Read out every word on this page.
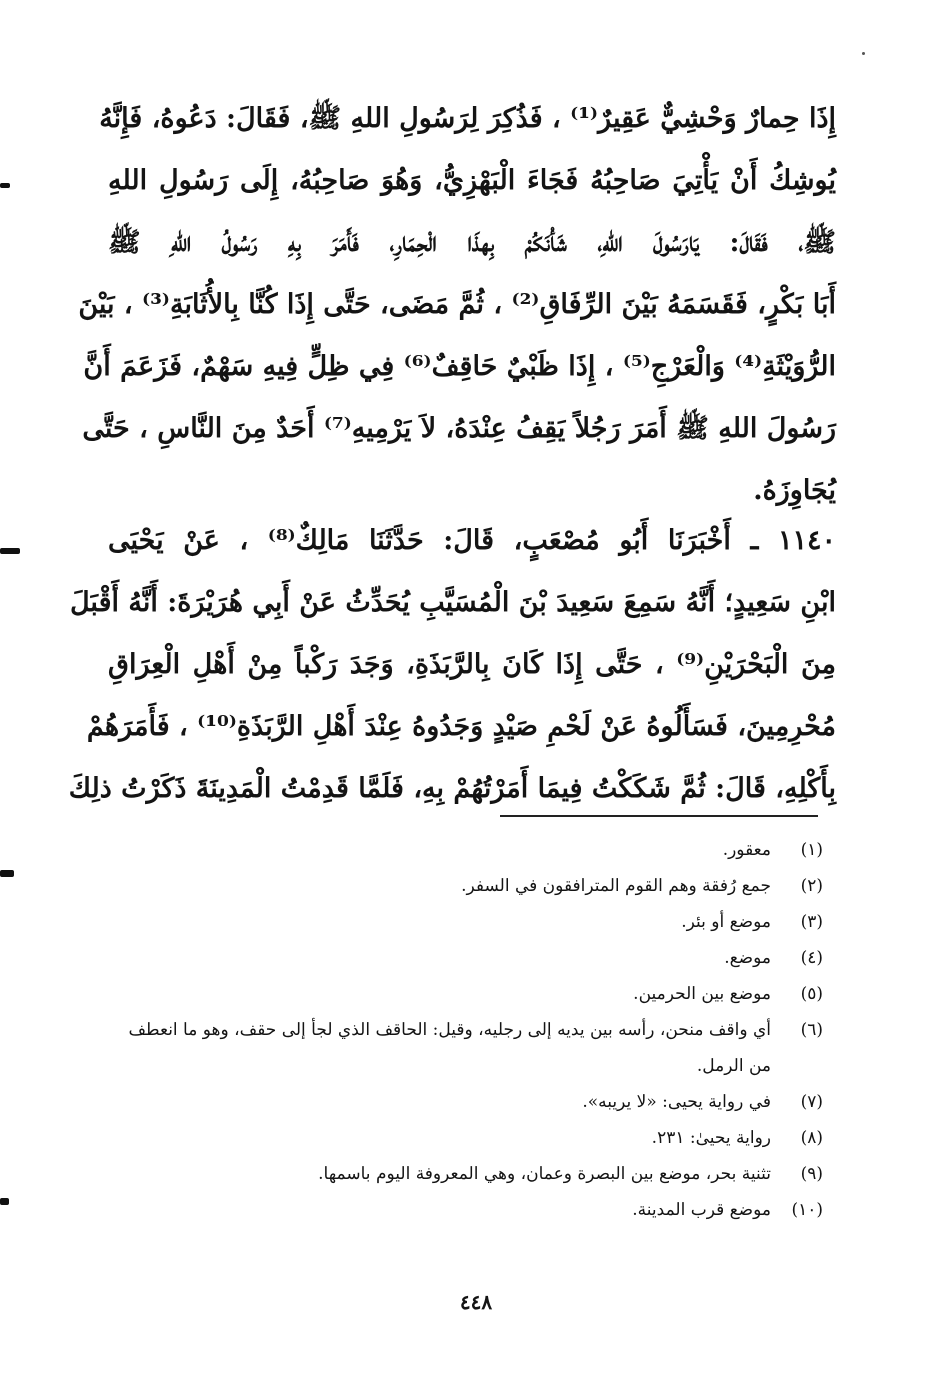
إِذَا حِمارٌ وَحْشِيٌّ عَقِيرٌ⁽¹⁾ ، فَذُكِرَ لِرَسُولِ اللهِ ﷺ، فَقَالَ: دَعُوهُ، فَإِنَّهُ
يُوشِكُ أَنْ يَأْتِيَ صَاحِبُهُ فَجَاءَ الْبَهْزِيُّ، وَهُوَ صَاحِبُهُ، إِلَى رَسُولِ اللهِ
ﷺ، فَقَالَ: يَارَسُولَ اللهِ، شَأْنَكُمْ بِهذَا الْحِمَارِ، فَأَمَرَ بِهِ رَسُولُ اللهِ ﷺ
أَبَا بَكْرٍ، فَقَسَمَهُ بَيْنَ الرِّفَاقِ⁽²⁾ ، ثُمَّ مَضَى، حَتَّى إِذَا كُنَّا بِالأُثَابَةِ⁽³⁾ ، بَيْنَ
الرُّوَيْثَةِ⁽⁴⁾ وَالْعَرْجِ⁽⁵⁾ ، إِذَا ظَبْيٌ حَاقِفٌ⁽⁶⁾ فِي ظِلٍّ فِيهِ سَهْمٌ، فَزَعَمَ أَنَّ
رَسُولَ اللهِ ﷺ أَمَرَ رَجُلاً يَقِفُ عِنْدَهُ، لاَ يَرْمِيهِ⁽⁷⁾ أَحَدٌ مِنَ النَّاسِ ، حَتَّى
يُجَاوِزَهُ.
١١٤٠ ـ أَخْبَرَنَا أَبُو مُصْعَبٍ، قَالَ: حَدَّثَنَا مَالِكٌ⁽⁸⁾ ، عَنْ يَحْيَى
ابْنِ سَعِيدٍ؛ أَنَّهُ سَمِعَ سَعِيدَ بْنَ الْمُسَيَّبِ يُحَدِّثُ عَنْ أَبِي هُرَيْرَةَ: أَنَّهُ أَقْبَلَ
مِنَ الْبَحْرَيْنِ⁽⁹⁾ ، حَتَّى إِذَا كَانَ بِالرَّبَذَةِ، وَجَدَ رَكْباً مِنْ أَهْلِ الْعِرَاقِ
مُحْرِمِينَ، فَسَأَلُوهُ عَنْ لَحْمِ صَيْدٍ وَجَدُوهُ عِنْدَ أَهْلِ الرَّبَذَةِ⁽¹⁰⁾ ، فَأَمَرَهُمْ
بِأَكْلِهِ، قَالَ: ثُمَّ شَكَكْتُ فِيمَا أَمَرْتُهُمْ بِهِ، فَلَمَّا قَدِمْتُ الْمَدِينَةَ ذَكَرْتُ ذلِكَ
(١)
معقور.
(٢)
جمع رُفقة وهم القوم المترافقون في السفر.
(٣)
موضع أو بئر.
(٤)
موضع.
(٥)
موضع بين الحرمين.
(٦)
أي واقف منحن، رأسه بين يديه إلى رجليه، وقيل: الحاقف الذي لجأ إلى حقف، وهو ما انعطف من الرمل.
(٧)
في رواية يحيى: «لا يريبه».
(٨)
رواية يحيىٰ: ٢٣١.
(٩)
تثنية بحر، موضع بين البصرة وعمان، وهي المعروفة اليوم باسمها.
(١٠)
موضع قرب المدينة.
٤٤٨
